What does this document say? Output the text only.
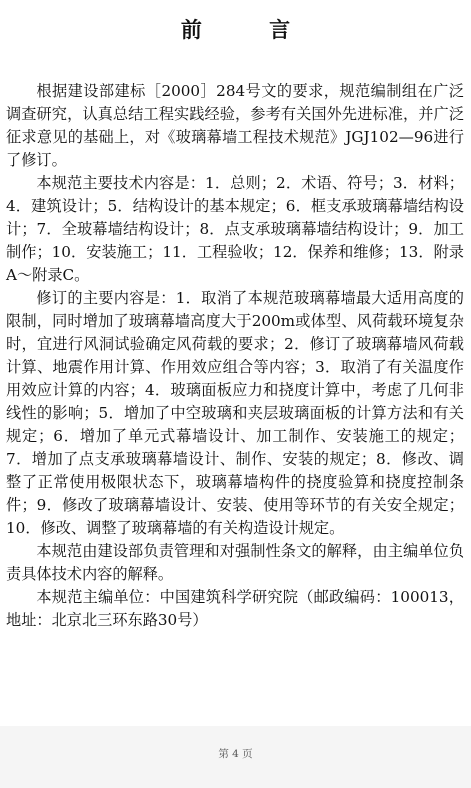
前 言

根据建设部建标［2000］284号文的要求，规范编制组在广泛调查研究，认真总结工程实践经验，参考有关国外先进标准，并广泛征求意见的基础上，对《玻璃幕墙工程技术规范》JGJ102—96进行了修订。

本规范主要技术内容是：1．总则；2．术语、符号；3．材料；4．建筑设计；5．结构设计的基本规定；6．框支承玻璃幕墙结构设计；7．全玻幕墙结构设计；8．点支承玻璃幕墙结构设计；9．加工制作；10．安装施工；11．工程验收；12．保养和维修；13．附录A～附录C。

修订的主要内容是：1．取消了本规范玻璃幕墙最大适用高度的限制，同时增加了玻璃幕墙高度大于200m或体型、风荷载环境复杂时，宜进行风洞试验确定风荷载的要求；2．修订了玻璃幕墙风荷载计算、地震作用计算、作用效应组合等内容；3．取消了有关温度作用效应计算的内容；4．玻璃面板应力和挠度计算中，考虑了几何非线性的影响；5．增加了中空玻璃和夹层玻璃面板的计算方法和有关规定；6．增加了单元式幕墙设计、加工制作、安装施工的规定；7．增加了点支承玻璃幕墙设计、制作、安装的规定；8．修改、调整了正常使用极限状态下，玻璃幕墙构件的挠度验算和挠度控制条件；9．修改了玻璃幕墙设计、安装、使用等环节的有关安全规定；10．修改、调整了玻璃幕墙的有关构造设计规定。

本规范由建设部负责管理和对强制性条文的解释，由主编单位负责具体技术内容的解释。

本规范主编单位：中国建筑科学研究院（邮政编码：100013，地址：北京北三环东路30号）

第 4 页
